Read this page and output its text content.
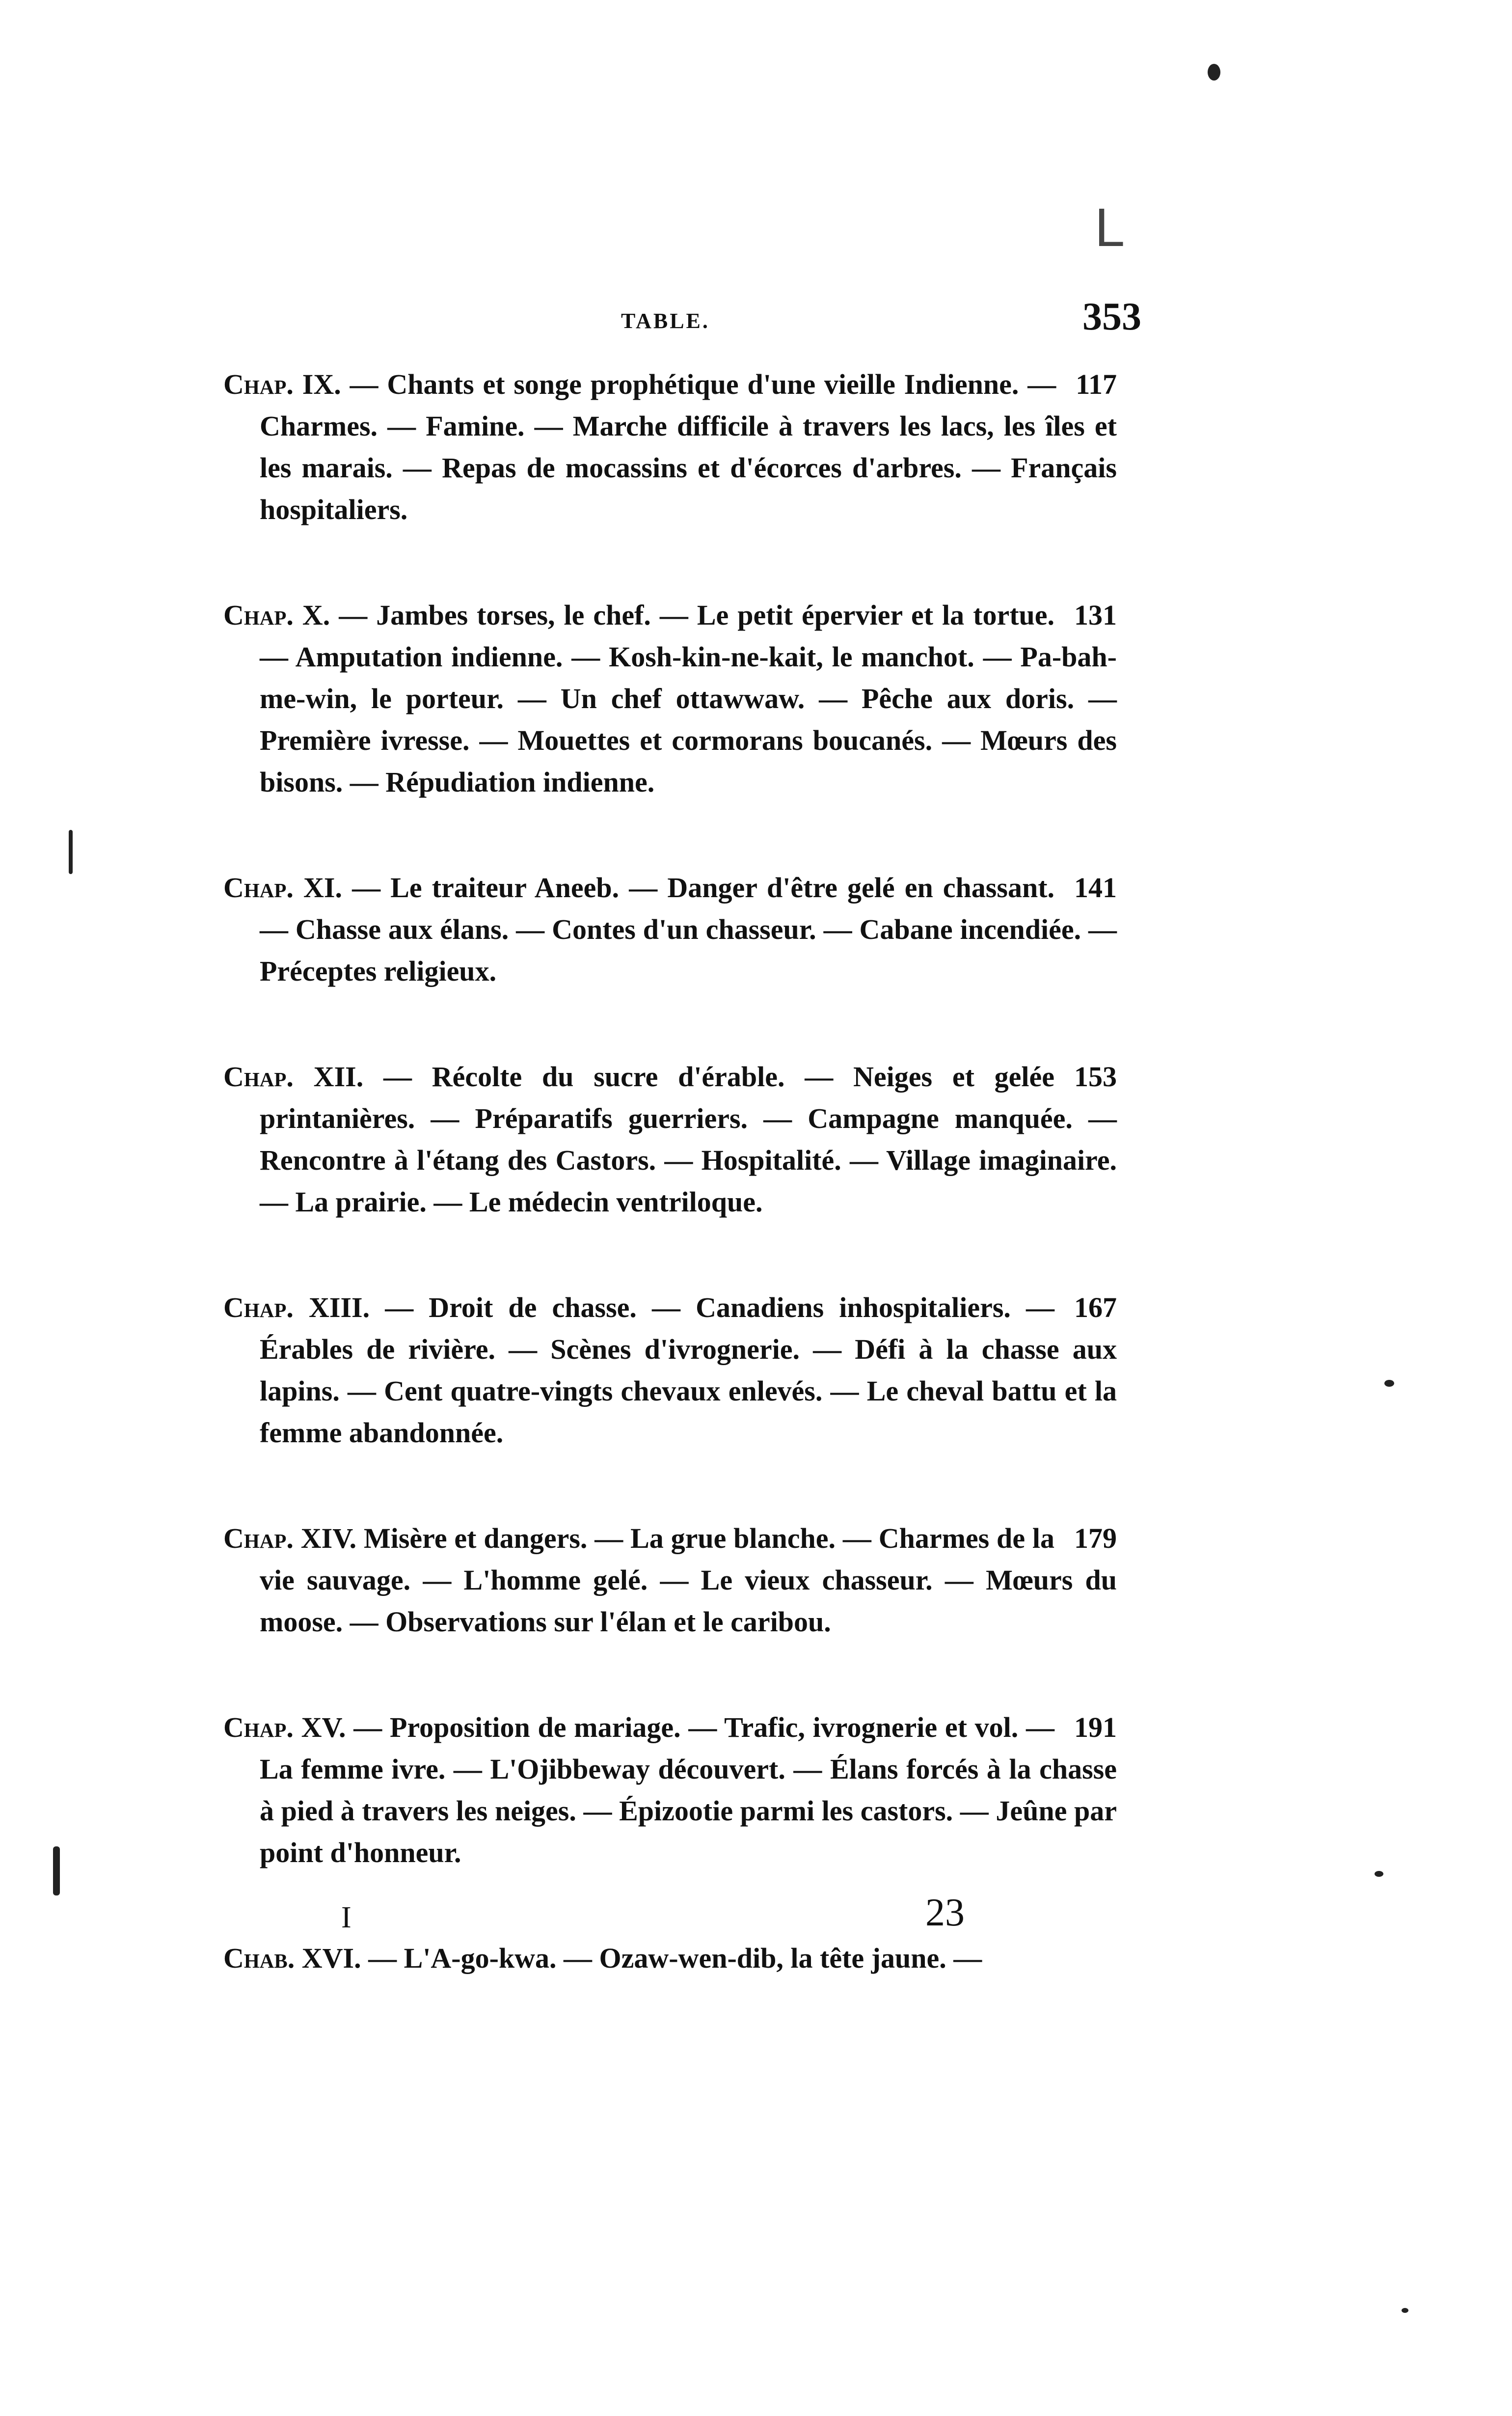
L
TABLE.	353
117
Chap. IX. — Chants et songe prophétique d'une vieille Indienne. — Charmes. — Famine. — Marche difficile à travers les lacs, les îles et les marais. — Repas de mocassins et d'écorces d'arbres. — Français hospitaliers.
131
Chap. X. — Jambes torses, le chef. — Le petit épervier et la tortue. — Amputation indienne. — Kosh-kin-ne-kait, le manchot. — Pa-bah-me-win, le porteur. — Un chef ottawwaw. — Pêche aux doris. — Première ivresse. — Mouettes et cormorans boucanés. — Mœurs des bisons. — Répudiation indienne.
141
Chap. XI. — Le traiteur Aneeb. — Danger d'être gelé en chassant. — Chasse aux élans. — Contes d'un chasseur. — Cabane incendiée. — Préceptes religieux.
153
Chap. XII. — Récolte du sucre d'érable. — Neiges et gelée printanières. — Préparatifs guerriers. — Campagne manquée. — Rencontre à l'étang des Castors. — Hospitalité. — Village imaginaire. — La prairie. — Le médecin ventriloque.
167
Chap. XIII. — Droit de chasse. — Canadiens inhospitaliers. — Érables de rivière. — Scènes d'ivrognerie. — Défi à la chasse aux lapins. — Cent quatre-vingts chevaux enlevés. — Le cheval battu et la femme abandonnée.
179
Chap. XIV. Misère et dangers. — La grue blanche. — Charmes de la vie sauvage. — L'homme gelé. — Le vieux chasseur. — Mœurs du moose. — Observations sur l'élan et le caribou.
191
Chap. XV. — Proposition de mariage. — Trafic, ivrognerie et vol. — La femme ivre. — L'Ojibbeway découvert. — Élans forcés à la chasse à pied à travers les neiges. — Épizootie parmi les castors. — Jeûne par point d'honneur.
Chab. XVI. — L'A-go-kwa. — Ozaw-wen-dib, la tête jaune. —
I	23
